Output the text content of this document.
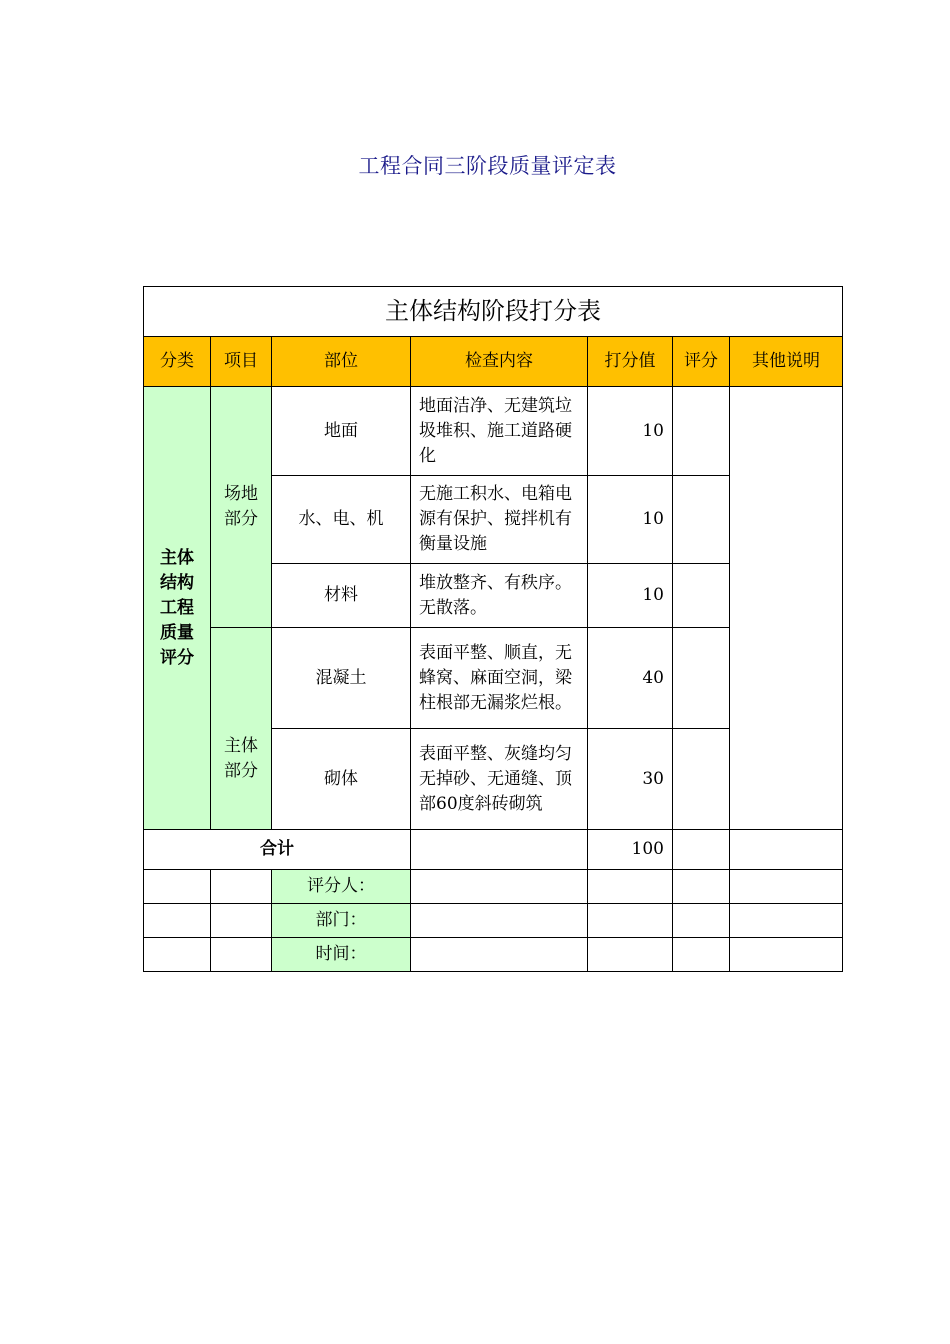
工程合同三阶段质量评定表
主体结构阶段打分表						
分类	项目	部位	检查内容	打分值	评分	其他说明
主体结构工程质量评分	场地部分	地面	地面洁净、无建筑垃圾堆积、施工道路硬化	10		
		水、电、机	无施工积水、电箱电源有保护、搅拌机有衡量设施	10		
		材料	堆放整齐、有秩序。无散落。	10		
	主体部分	混凝土	表面平整、顺直，无蜂窝、麻面空洞，梁柱根部无漏浆烂根。	40		
		砌体	表面平整、灰缝均匀无掉砂、无通缝、顶部60度斜砖砌筑	30		
合计				100		
		评分人：				
		部门：				
		时间：				
